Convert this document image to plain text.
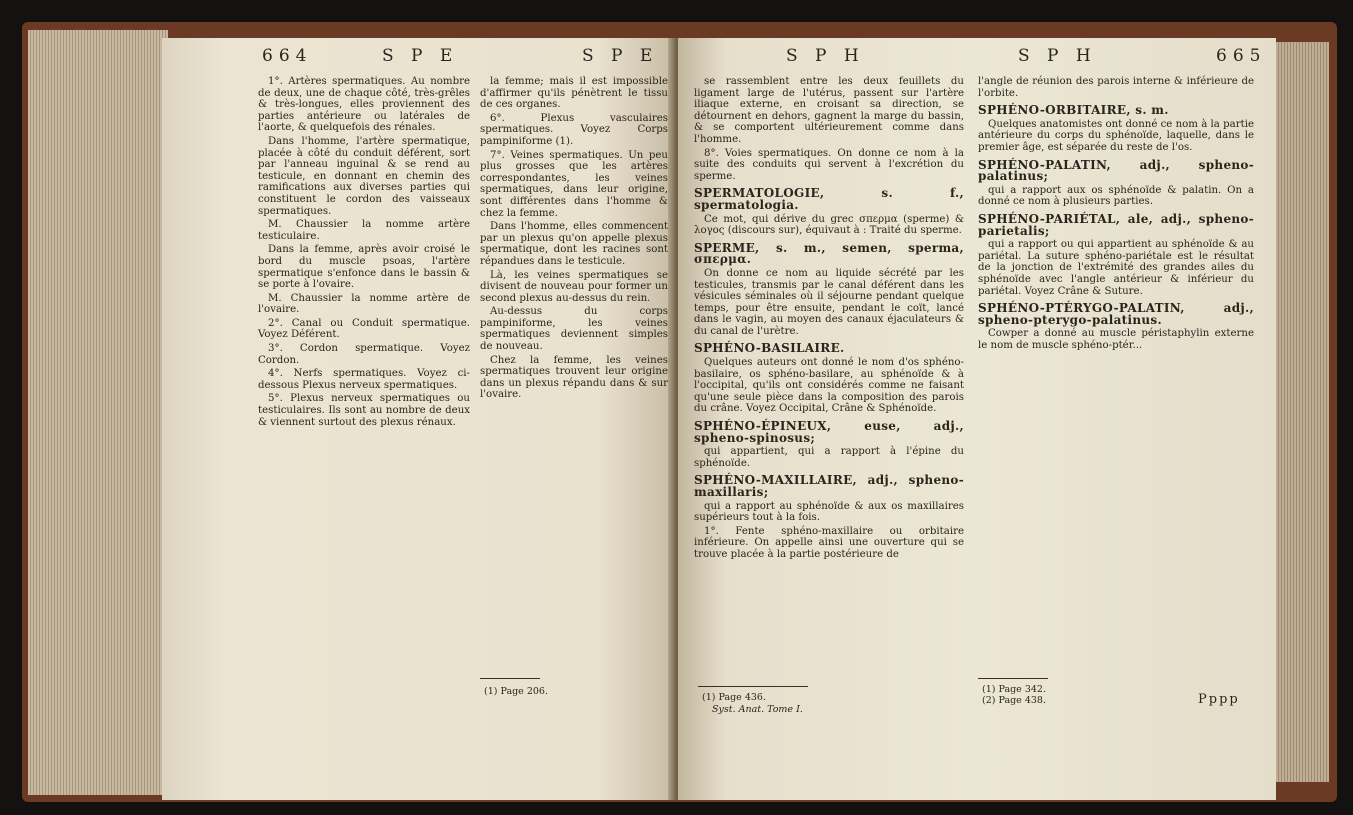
664	S P E	S P E

1°. Artères spermatiques. Au nombre de deux, une de chaque côté, très-grêles & très-longues, elles proviennent des parties antérieure ou latérales de l'aorte, & quelquefois des rénales.

Dans l'homme, l'artère spermatique, placée à côté du conduit déférent, sort par l'anneau inguinal & se rend au testicule, en donnant en chemin des ramifications aux diverses parties qui constituent le cordon des vaisseaux spermatiques.

M. Chaussier la nomme artère testiculaire.

Dans la femme, après avoir croisé le bord du muscle psoas, l'artère spermatique s'enfonce dans le bassin & se porte à l'ovaire.

M. Chaussier la nomme artère de l'ovaire.

2°. Canal ou Conduit spermatique. Voyez Déférent.

3°. Cordon spermatique. Voyez Cordon.

4°. Nerfs spermatiques. Voyez ci-dessous Plexus nerveux spermatiques.

5°. Plexus nerveux spermatiques ou testiculaires. Ils sont au nombre de deux & viennent surtout des plexus rénaux.

la femme; mais il est impossible d'affirmer qu'ils pénètrent le tissu de ces organes.

6°. Plexus vasculaires spermatiques. Voyez Corps pampiniforme (1).

7°. Veines spermatiques. Un peu plus grosses que les artères correspondantes, les veines spermatiques, dans leur origine, sont différentes dans l'homme & chez la femme.

Dans l'homme, elles commencent par un plexus qu'on appelle plexus spermatique, dont les racines sont répandues dans le testicule.

Là, les veines spermatiques se divisent de nouveau pour former un second plexus au-dessus du rein.

Au-dessus du corps pampiniforme, les veines spermatiques deviennent simples de nouveau.

Chez la femme, les veines spermatiques trouvent leur origine dans un plexus répandu dans & sur l'ovaire.

(1) Page 206.
S P H	S P H	665

se rassemblent entre les deux feuillets du ligament large de l'utérus, passent sur l'artère iliaque externe, en croisant sa direction, se détournent en dehors, gagnent la marge du bassin, & se comportent ultérieurement comme dans l'homme.

8°. Voies spermatiques. On donne ce nom à la suite des conduits qui servent à l'excrétion du sperme.

SPERMATOLOGIE, s. f., spermatologia.

Ce mot, qui dérive du grec σπερμα (sperme) & λογος (discours sur), équivaut à : Traité du sperme.

SPERME, s. m., semen, sperma, σπερμα.

On donne ce nom au liquide sécrété par les testicules, transmis par le canal déférent dans les vésicules séminales où il séjourne pendant quelque temps, pour être ensuite, pendant le coït, lancé dans le vagin, au moyen des canaux éjaculateurs & du canal de l'urètre.

SPHÉNO-BASILAIRE.

Quelques auteurs ont donné le nom d'os sphéno-basilaire, os sphéno-basilare, au sphénoïde & à l'occipital, qu'ils ont considérés comme ne faisant qu'une seule pièce dans la composition des parois du crâne. Voyez Occipital, Crâne & Sphénoïde.

SPHÉNO-ÉPINEUX, euse, adj., spheno-spinosus;

qui appartient, qui a rapport à l'épine du sphénoïde.

SPHÉNO-MAXILLAIRE, adj., spheno-maxillaris;

qui a rapport au sphénoïde & aux os maxillaires supérieurs tout à la fois.

1°. Fente sphéno-maxillaire ou orbitaire inférieure. On appelle ainsi une ouverture qui se trouve placée à la partie postérieure de

(1) Page 436.
Syst. Anat. Tome I.

l'angle de réunion des parois interne & inférieure de l'orbite.

SPHÉNO-ORBITAIRE, s. m.

Quelques anatomistes ont donné ce nom à la partie antérieure du corps du sphénoïde, laquelle, dans le premier âge, est séparée du reste de l'os.

SPHÉNO-PALATIN, adj., spheno-palatinus;

qui a rapport aux os sphénoïde & palatin. On a donné ce nom à plusieurs parties.

SPHÉNO-PARIÉTAL, ale, adj., spheno-parietalis;

qui a rapport ou qui appartient au sphénoïde & au pariétal. La suture sphéno-pariétale est le résultat de la jonction de l'extrémité des grandes ailes du sphénoïde avec l'angle antérieur & inférieur du pariétal. Voyez Crâne & Suture.

SPHÉNO-PTÉRYGO-PALATIN, adj., spheno-pterygo-palatinus.

Cowper a donné au muscle péristaphylin externe le nom de muscle sphéno-ptér...

(1) Page 342.
(2) Page 438.	Pppp
